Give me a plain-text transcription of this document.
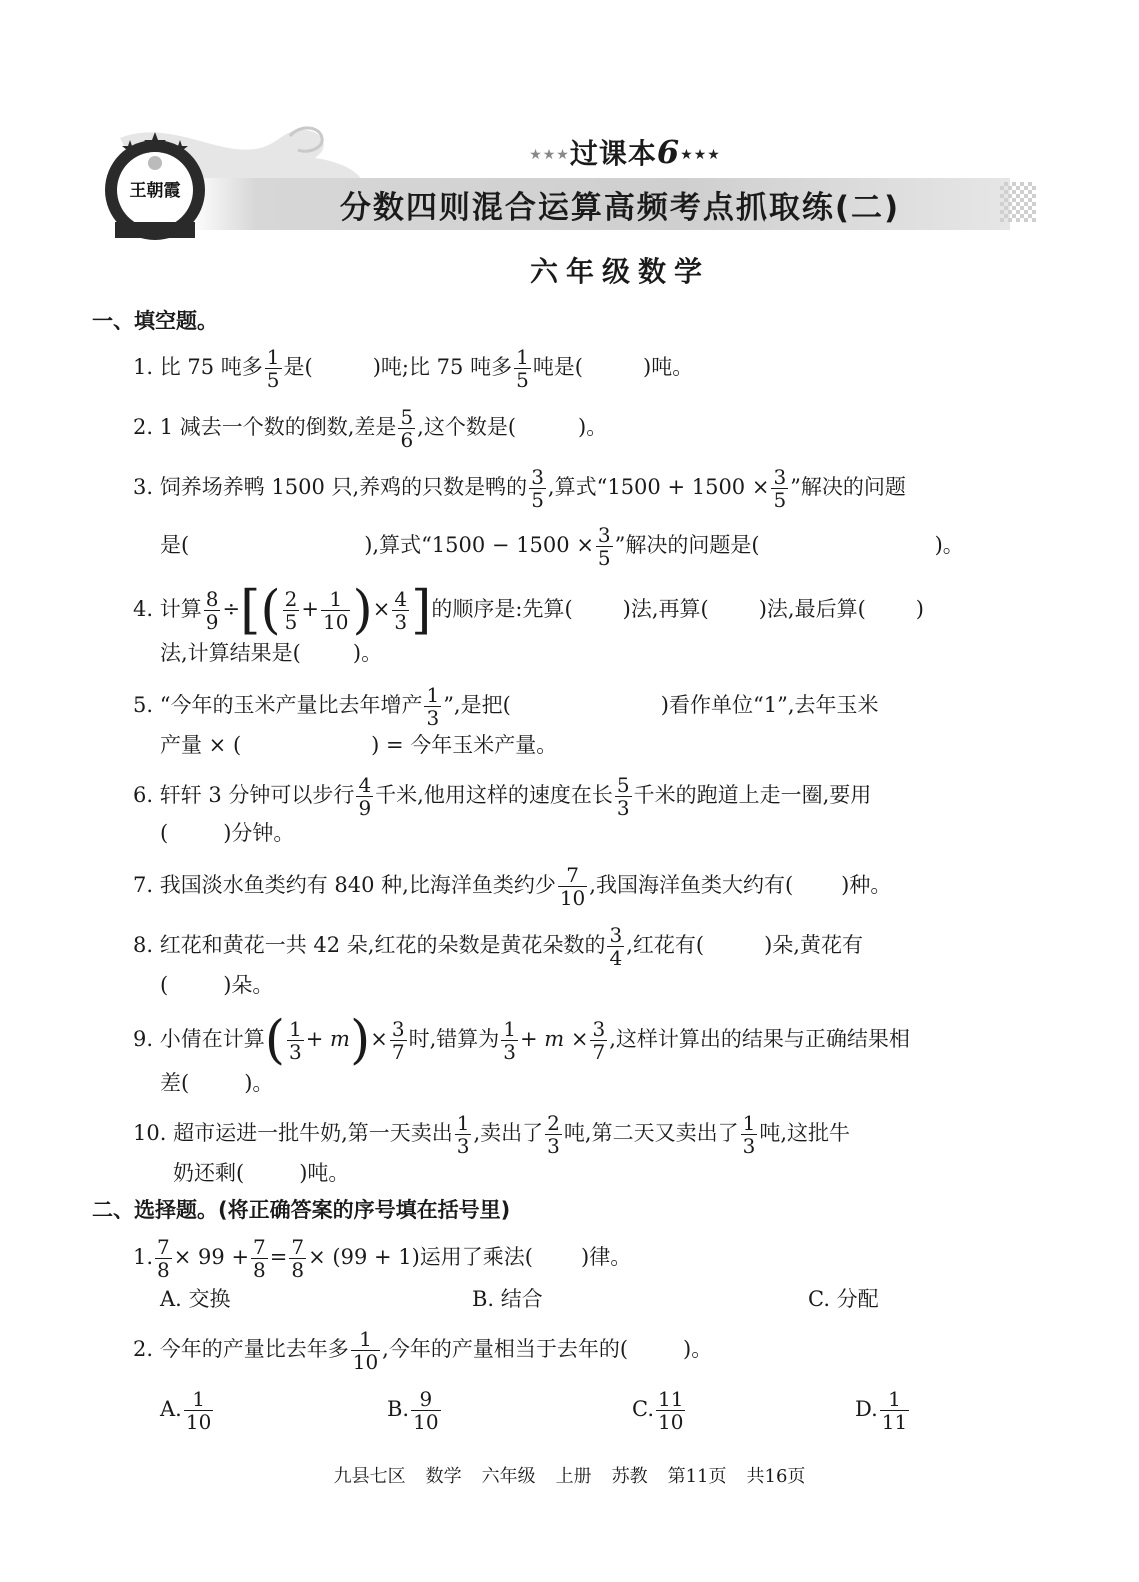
王朝霞
★★★过课本6★★★
分数四则混合运算高频考点抓取练(二)
六年级数学
一、填空题。
1. 比 75 吨多 $\frac{1}{5}$ 是(	)吨;比 75 吨多 $\frac{1}{5}$ 吨是(	)吨。
2. 1 减去一个数的倒数,差是 $\frac{5}{6}$ ,这个数是(	)。
3. 饲养场养鸭 1500 只,养鸡的只数是鸭的 $\frac{3}{5}$ ,算式“$1500 + 1500 \times \frac{3}{5}$ ”解决的问题
是(	),算式“$1500 - 1500 \times \frac{3}{5}$ ”解决的问题是(	)。
4. 计算 $\frac{8}{9}$ ÷[( $\frac{2}{5} + \frac{1}{10}$ )× $\frac{4}{3}$ ]的顺序是:先算( )法,再算( )法,最后算( )
法,计算结果是( )。
5. “今年的玉米产量比去年增产 $\frac{1}{3}$ ”,是把(	)看作单位“1”,去年玉米
产量 × (	) = 今年玉米产量。
6. 轩轩 3 分钟可以步行 $\frac{4}{9}$ 千米,他用这样的速度在长 $\frac{5}{3}$ 千米的跑道上走一圈,要用
(	)分钟。
7. 我国淡水鱼类约有 840 种,比海洋鱼类约少 $\frac{7}{10}$ ,我国海洋鱼类大约有( )种。
8. 红花和黄花一共 42 朵,红花的朵数是黄花朵数的 $\frac{3}{4}$ ,红花有(	)朵,黄花有
(	)朵。
9. 小倩在计算( $\frac{1}{3} + m)\times \frac{3}{7}$ 时,错算为 $\frac{1}{3} + m \times \frac{3}{7}$ ,这样计算出的结果与正确结果相
差(	)。
10. 超市运进一批牛奶,第一天卖出 $\frac{1}{3}$ ,卖出了 $\frac{2}{3}$ 吨,第二天又卖出了 $\frac{1}{3}$ 吨,这批牛
奶还剩(	)吨。
二、选择题。(将正确答案的序号填在括号里)
1. $\frac{7}{8} \times 99 + \frac{7}{8} = \frac{7}{8} \times (99 + 1)$运用了乘法( )律。
A. 交换	B. 结合	C. 分配
2. 今年的产量比去年多 $\frac{1}{10}$ ,今年的产量相当于去年的(	)。
A. $\frac{1}{10}$	B. $\frac{9}{10}$	C. $\frac{11}{10}$	D. $\frac{1}{11}$
九县七区 数学 六年级 上册 苏教 第11页 共16页
